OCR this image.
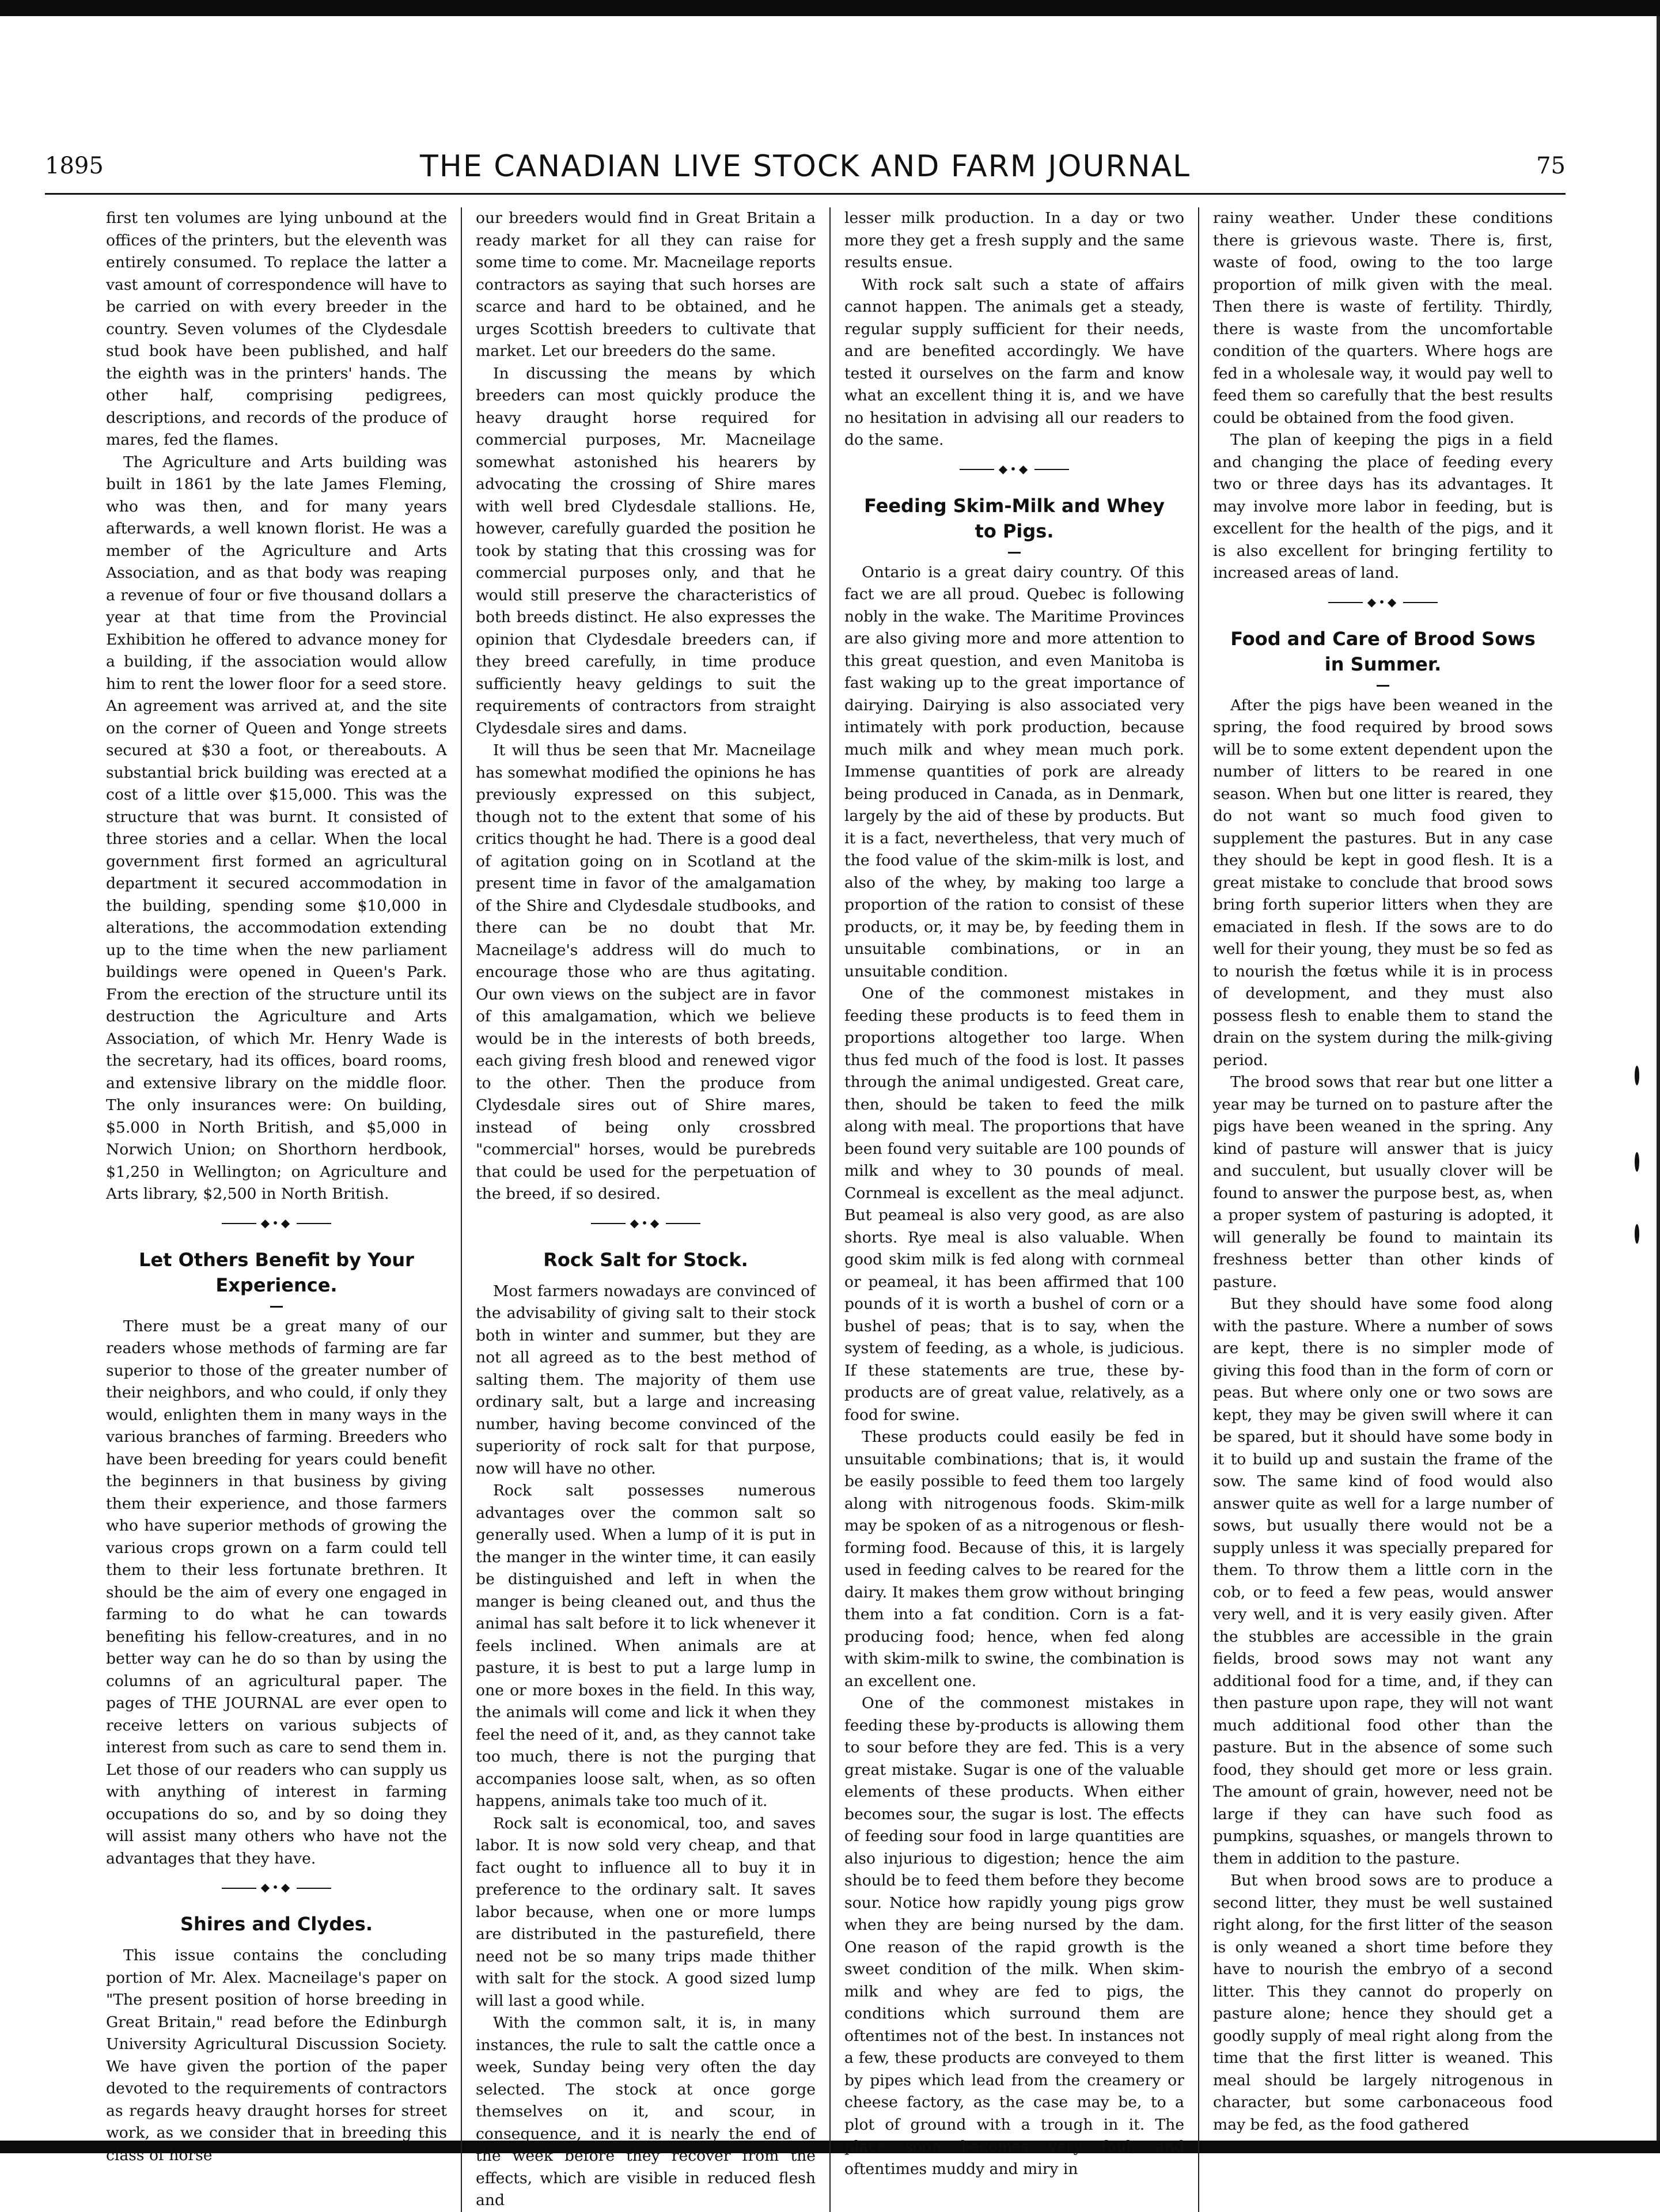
1895	THE CANADIAN LIVE STOCK AND FARM JOURNAL	75

first ten volumes are lying unbound at the offices of the printers, but the eleventh was entirely consumed. To replace the latter a vast amount of correspondence will have to be carried on with every breeder in the country. Seven volumes of the Clydesdale stud book have been published, and half the eighth was in the printers' hands. The other half, comprising pedigrees, descriptions, and records of the produce of mares, fed the flames.

The Agriculture and Arts building was built in 1861 by the late James Fleming, who was then, and for many years afterwards, a well known florist. He was a member of the Agriculture and Arts Association, and as that body was reaping a revenue of four or five thousand dollars a year at that time from the Provincial Exhibition he offered to advance money for a building, if the association would allow him to rent the lower floor for a seed store. An agreement was arrived at, and the site on the corner of Queen and Yonge streets secured at $30 a foot, or thereabouts. A substantial brick building was erected at a cost of a little over $15,000. This was the structure that was burnt. It consisted of three stories and a cellar. When the local government first formed an agricultural department it secured accommodation in the building, spending some $10,000 in alterations, the accommodation extending up to the time when the new parliament buildings were opened in Queen's Park. From the erection of the structure until its destruction the Agriculture and Arts Association, of which Mr. Henry Wade is the secretary, had its offices, board rooms, and extensive library on the middle floor. The only insurances were: On building, $5.000 in North British, and $5,000 in Norwich Union; on Shorthorn herdbook, $1,250 in Wellington; on Agriculture and Arts library, $2,500 in North British.

◆•◆
Let Others Benefit by Your Experience.

There must be a great many of our readers whose methods of farming are far superior to those of the greater number of their neighbors, and who could, if only they would, enlighten them in many ways in the various branches of farming. Breeders who have been breeding for years could benefit the beginners in that business by giving them their experience, and those farmers who have superior methods of growing the various crops grown on a farm could tell them to their less fortunate brethren. It should be the aim of every one engaged in farming to do what he can towards benefiting his fellow-creatures, and in no better way can he do so than by using the columns of an agricultural paper. The pages of THE JOURNAL are ever open to receive letters on various subjects of interest from such as care to send them in. Let those of our readers who can supply us with anything of interest in farming occupations do so, and by so doing they will assist many others who have not the advantages that they have.

◆•◆
Shires and Clydes.

This issue contains the concluding portion of Mr. Alex. Macneilage's paper on "The present position of horse breeding in Great Britain," read before the Edinburgh University Agricultural Discussion Society. We have given the portion of the paper devoted to the requirements of contractors as regards heavy draught horses for street work, as we consider that in breeding this class of horse

our breeders would find in Great Britain a ready market for all they can raise for some time to come. Mr. Macneilage reports contractors as saying that such horses are scarce and hard to be obtained, and he urges Scottish breeders to cultivate that market. Let our breeders do the same.

In discussing the means by which breeders can most quickly produce the heavy draught horse required for commercial purposes, Mr. Macneilage somewhat astonished his hearers by advocating the crossing of Shire mares with well bred Clydesdale stallions. He, however, carefully guarded the position he took by stating that this crossing was for commercial purposes only, and that he would still preserve the characteristics of both breeds distinct. He also expresses the opinion that Clydesdale breeders can, if they breed carefully, in time produce sufficiently heavy geldings to suit the requirements of contractors from straight Clydesdale sires and dams.

It will thus be seen that Mr. Macneilage has somewhat modified the opinions he has previously expressed on this subject, though not to the extent that some of his critics thought he had. There is a good deal of agitation going on in Scotland at the present time in favor of the amalgamation of the Shire and Clydesdale studbooks, and there can be no doubt that Mr. Macneilage's address will do much to encourage those who are thus agitating. Our own views on the subject are in favor of this amalgamation, which we believe would be in the interests of both breeds, each giving fresh blood and renewed vigor to the other. Then the produce from Clydesdale sires out of Shire mares, instead of being only crossbred "commercial" horses, would be purebreds that could be used for the perpetuation of the breed, if so desired.

◆•◆
Rock Salt for Stock.

Most farmers nowadays are convinced of the advisability of giving salt to their stock both in winter and summer, but they are not all agreed as to the best method of salting them. The majority of them use ordinary salt, but a large and increasing number, having become convinced of the superiority of rock salt for that purpose, now will have no other.

Rock salt possesses numerous advantages over the common salt so generally used. When a lump of it is put in the manger in the winter time, it can easily be distinguished and left in when the manger is being cleaned out, and thus the animal has salt before it to lick whenever it feels inclined. When animals are at pasture, it is best to put a large lump in one or more boxes in the field. In this way, the animals will come and lick it when they feel the need of it, and, as they cannot take too much, there is not the purging that accompanies loose salt, when, as so often happens, animals take too much of it.

Rock salt is economical, too, and saves labor. It is now sold very cheap, and that fact ought to influence all to buy it in preference to the ordinary salt. It saves labor because, when one or more lumps are distributed in the pasturefield, there need not be so many trips made thither with salt for the stock. A good sized lump will last a good while.

With the common salt, it is, in many instances, the rule to salt the cattle once a week, Sunday being very often the day selected. The stock at once gorge themselves on it, and scour, in consequence, and it is nearly the end of the week before they recover from the effects, which are visible in reduced flesh and

lesser milk production. In a day or two more they get a fresh supply and the same results ensue.

With rock salt such a state of affairs cannot happen. The animals get a steady, regular supply sufficient for their needs, and are benefited accordingly. We have tested it ourselves on the farm and know what an excellent thing it is, and we have no hesitation in advising all our readers to do the same.

◆•◆
Feeding Skim-Milk and Whey to Pigs.

Ontario is a great dairy country. Of this fact we are all proud. Quebec is following nobly in the wake. The Maritime Provinces are also giving more and more attention to this great question, and even Manitoba is fast waking up to the great importance of dairying. Dairying is also associated very intimately with pork production, because much milk and whey mean much pork. Immense quantities of pork are already being produced in Canada, as in Denmark, largely by the aid of these by products. But it is a fact, nevertheless, that very much of the food value of the skim-milk is lost, and also of the whey, by making too large a proportion of the ration to consist of these products, or, it may be, by feeding them in unsuitable combinations, or in an unsuitable condition.

One of the commonest mistakes in feeding these products is to feed them in proportions altogether too large. When thus fed much of the food is lost. It passes through the animal undigested. Great care, then, should be taken to feed the milk along with meal. The proportions that have been found very suitable are 100 pounds of milk and whey to 30 pounds of meal. Cornmeal is excellent as the meal adjunct. But peameal is also very good, as are also shorts. Rye meal is also valuable. When good skim milk is fed along with cornmeal or peameal, it has been affirmed that 100 pounds of it is worth a bushel of corn or a bushel of peas; that is to say, when the system of feeding, as a whole, is judicious. If these statements are true, these by-products are of great value, relatively, as a food for swine.

These products could easily be fed in unsuitable combinations; that is, it would be easily possible to feed them too largely along with nitrogenous foods. Skim-milk may be spoken of as a nitrogenous or flesh-forming food. Because of this, it is largely used in feeding calves to be reared for the dairy. It makes them grow without bringing them into a fat condition. Corn is a fat-producing food; hence, when fed along with skim-milk to swine, the combination is an excellent one.

One of the commonest mistakes in feeding these by-products is allowing them to sour before they are fed. This is a very great mistake. Sugar is one of the valuable elements of these products. When either becomes sour, the sugar is lost. The effects of feeding sour food in large quantities are also injurious to digestion; hence the aim should be to feed them before they become sour. Notice how rapidly young pigs grow when they are being nursed by the dam. One reason of the rapid growth is the sweet condition of the milk. When skim-milk and whey are fed to pigs, the conditions which surround them are oftentimes not of the best. In instances not a few, these products are conveyed to them by pipes which lead from the creamery or cheese factory, as the case may be, to a plot of ground with a trough in it. The place soon becomes very foul, and oftentimes muddy and miry in

rainy weather. Under these conditions there is grievous waste. There is, first, waste of food, owing to the too large proportion of milk given with the meal. Then there is waste of fertility. Thirdly, there is waste from the uncomfortable condition of the quarters. Where hogs are fed in a wholesale way, it would pay well to feed them so carefully that the best results could be obtained from the food given.

The plan of keeping the pigs in a field and changing the place of feeding every two or three days has its advantages. It may involve more labor in feeding, but is excellent for the health of the pigs, and it is also excellent for bringing fertility to increased areas of land.

◆•◆
Food and Care of Brood Sows in Summer.

After the pigs have been weaned in the spring, the food required by brood sows will be to some extent dependent upon the number of litters to be reared in one season. When but one litter is reared, they do not want so much food given to supplement the pastures. But in any case they should be kept in good flesh. It is a great mistake to conclude that brood sows bring forth superior litters when they are emaciated in flesh. If the sows are to do well for their young, they must be so fed as to nourish the fœtus while it is in process of development, and they must also possess flesh to enable them to stand the drain on the system during the milk-giving period.

The brood sows that rear but one litter a year may be turned on to pasture after the pigs have been weaned in the spring. Any kind of pasture will answer that is juicy and succulent, but usually clover will be found to answer the purpose best, as, when a proper system of pasturing is adopted, it will generally be found to maintain its freshness better than other kinds of pasture.

But they should have some food along with the pasture. Where a number of sows are kept, there is no simpler mode of giving this food than in the form of corn or peas. But where only one or two sows are kept, they may be given swill where it can be spared, but it should have some body in it to build up and sustain the frame of the sow. The same kind of food would also answer quite as well for a large number of sows, but usually there would not be a supply unless it was specially prepared for them. To throw them a little corn in the cob, or to feed a few peas, would answer very well, and it is very easily given. After the stubbles are accessible in the grain fields, brood sows may not want any additional food for a time, and, if they can then pasture upon rape, they will not want much additional food other than the pasture. But in the absence of some such food, they should get more or less grain. The amount of grain, however, need not be large if they can have such food as pumpkins, squashes, or mangels thrown to them in addition to the pasture.

But when brood sows are to produce a second litter, they must be well sustained right along, for the first litter of the season is only weaned a short time before they have to nourish the embryo of a second litter. This they cannot do properly on pasture alone; hence they should get a goodly supply of meal right along from the time that the first litter is weaned. This meal should be largely nitrogenous in character, but some carbonaceous food may be fed, as the food gathered
